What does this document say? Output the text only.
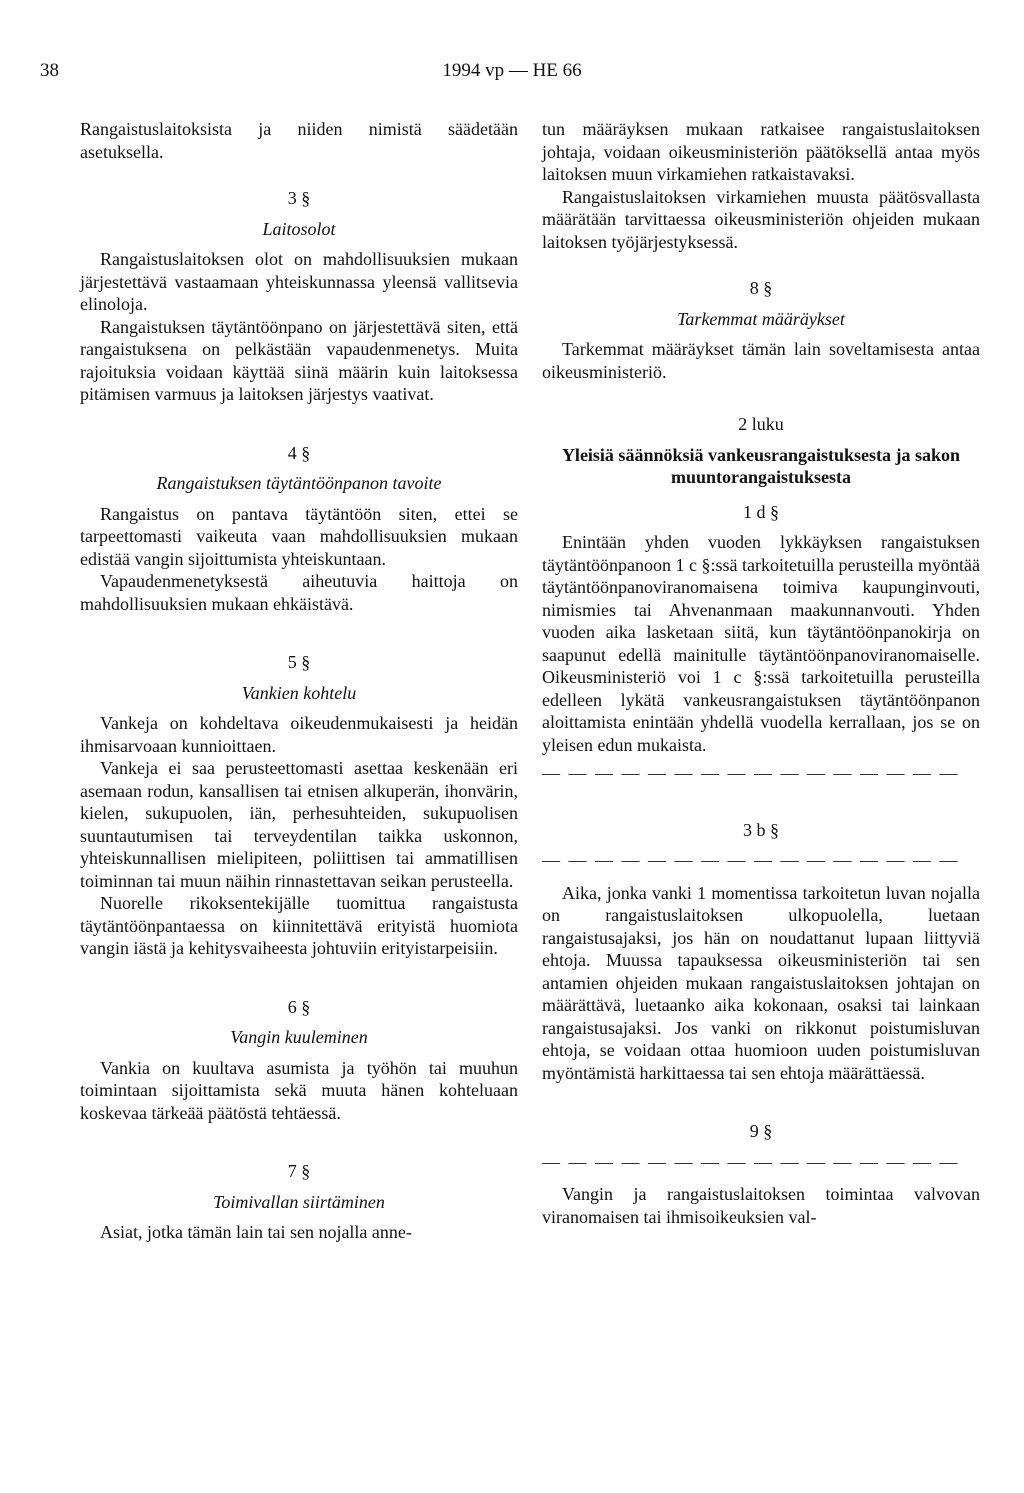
38	1994 vp — HE 66

Rangaistuslaitoksista ja niiden nimistä säädetään asetuksella.

3 §
Laitosolot

Rangaistuslaitoksen olot on mahdollisuuksien mukaan järjestettävä vastaamaan yhteiskunnassa yleensä vallitsevia elinoloja.

Rangaistuksen täytäntöönpano on järjestettävä siten, että rangaistuksena on pelkästään vapaudenmenetys. Muita rajoituksia voidaan käyttää siinä määrin kuin laitoksessa pitämisen varmuus ja laitoksen järjestys vaativat.

4 §
Rangaistuksen täytäntöönpanon tavoite

Rangaistus on pantava täytäntöön siten, ettei se tarpeettomasti vaikeuta vaan mahdollisuuksien mukaan edistää vangin sijoittumista yhteiskuntaan.

Vapaudenmenetyksestä aiheutuvia haittoja on mahdollisuuksien mukaan ehkäistävä.

5 §
Vankien kohtelu

Vankeja on kohdeltava oikeudenmukaisesti ja heidän ihmisarvoaan kunnioittaen.

Vankeja ei saa perusteettomasti asettaa keskenään eri asemaan rodun, kansallisen tai etnisen alkuperän, ihonvärin, kielen, sukupuolen, iän, perhesuhteiden, sukupuolisen suuntautumisen tai terveydentilan taikka uskonnon, yhteiskunnallisen mielipiteen, poliittisen tai ammatillisen toiminnan tai muun näihin rinnastettavan seikan perusteella.

Nuorelle rikoksentekijälle tuomittua rangaistusta täytäntöönpantaessa on kiinnitettävä erityistä huomiota vangin iästä ja kehitysvaiheesta johtuviin erityistarpeisiin.

6 §
Vangin kuuleminen

Vankia on kuultava asumista ja työhön tai muuhun toimintaan sijoittamista sekä muuta hänen kohteluaan koskevaa tärkeää päätöstä tehtäessä.

7 §
Toimivallan siirtäminen

Asiat, jotka tämän lain tai sen nojalla anne-

tun määräyksen mukaan ratkaisee rangaistuslaitoksen johtaja, voidaan oikeusministeriön päätöksellä antaa myös laitoksen muun virkamiehen ratkaistavaksi.

Rangaistuslaitoksen virkamiehen muusta päätösvallasta määrätään tarvittaessa oikeusministeriön ohjeiden mukaan laitoksen työjärjestyksessä.

8 §
Tarkemmat määräykset

Tarkemmat määräykset tämän lain soveltamisesta antaa oikeusministeriö.

2 luku
Yleisiä säännöksiä vankeusrangaistuksesta ja sakon muuntorangaistuksesta
1 d §

Enintään yhden vuoden lykkäyksen rangaistuksen täytäntöönpanoon 1 c §:ssä tarkoitetuilla perusteilla myöntää täytäntöönpanoviranomaisena toimiva kaupunginvouti, nimismies tai Ahvenanmaan maakunnanvouti. Yhden vuoden aika lasketaan siitä, kun täytäntöönpanokirja on saapunut edellä mainitulle täytäntöönpanoviranomaiselle. Oikeusministeriö voi 1 c §:ssä tarkoitetuilla perusteilla edelleen lykätä vankeusrangaistuksen täytäntöönpanon aloittamista enintään yhdellä vuodella kerrallaan, jos se on yleisen edun mukaista.

— — — — — — — — — — — — — — — —
3 b §
— — — — — — — — — — — — — — — —

Aika, jonka vanki 1 momentissa tarkoitetun luvan nojalla on rangaistuslaitoksen ulkopuolella, luetaan rangaistusajaksi, jos hän on noudattanut lupaan liittyviä ehtoja. Muussa tapauksessa oikeusministeriön tai sen antamien ohjeiden mukaan rangaistuslaitoksen johtajan on määrättävä, luetaanko aika kokonaan, osaksi tai lainkaan rangaistusajaksi. Jos vanki on rikkonut poistumisluvan ehtoja, se voidaan ottaa huomioon uuden poistumisluvan myöntämistä harkittaessa tai sen ehtoja määrättäessä.

9 §
— — — — — — — — — — — — — — — —

Vangin ja rangaistuslaitoksen toimintaa valvovan viranomaisen tai ihmisoikeuksien val-
